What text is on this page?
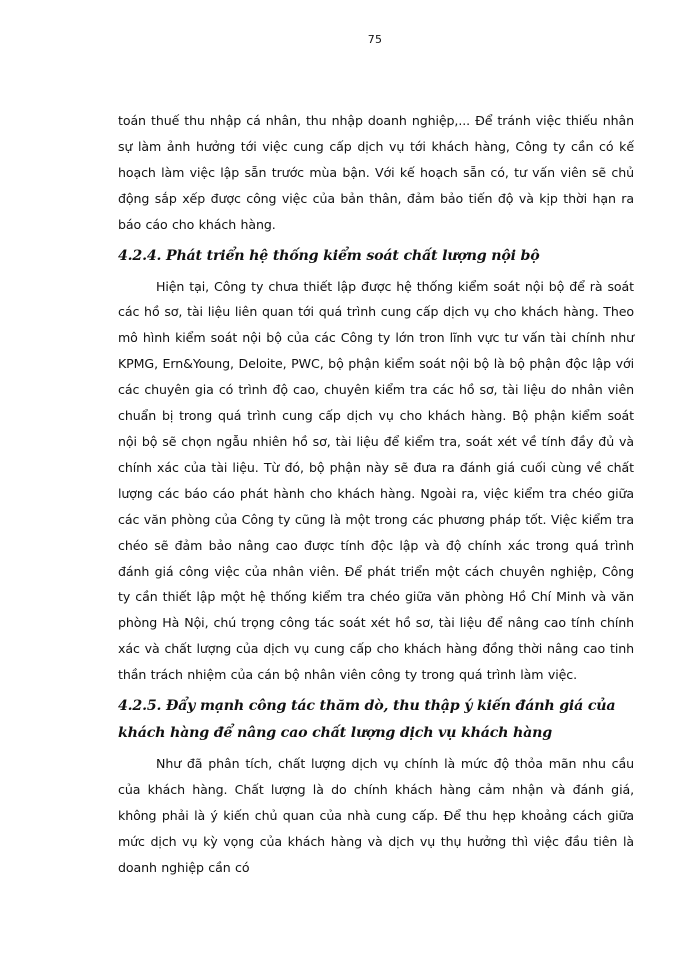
75

toán thuế thu nhập cá nhân, thu nhập doanh nghiệp,... Để tránh việc thiếu nhân sự làm ảnh hưởng tới việc cung cấp dịch vụ tới khách hàng, Công ty cần có kế hoạch làm việc lập sẵn trước mùa bận. Với kế hoạch sẵn có, tư vấn viên sẽ chủ động sắp xếp được công việc của bản thân, đảm bảo tiến độ và kịp thời hạn ra báo cáo cho khách hàng.

4.2.4. Phát triển hệ thống kiểm soát chất lượng nội bộ

Hiện tại, Công ty chưa thiết lập được hệ thống kiểm soát nội bộ để rà soát các hồ sơ, tài liệu liên quan tới quá trình cung cấp dịch vụ cho khách hàng. Theo mô hình kiểm soát nội bộ của các Công ty lớn tron lĩnh vực tư vấn tài chính như KPMG, Ern&Young, Deloite, PWC, bộ phận kiểm soát nội bộ là bộ phận độc lập với các chuyên gia có trình độ cao, chuyên kiểm tra các hồ sơ, tài liệu do nhân viên chuẩn bị trong quá trình cung cấp dịch vụ cho khách hàng. Bộ phận kiểm soát nội bộ sẽ chọn ngẫu nhiên hồ sơ, tài liệu để kiểm tra, soát xét về tính đầy đủ và chính xác của tài liệu. Từ đó, bộ phận này sẽ đưa ra đánh giá cuối cùng về chất lượng các báo cáo phát hành cho khách hàng. Ngoài ra, việc kiểm tra chéo giữa các văn phòng của Công ty cũng là một trong các phương pháp tốt. Việc kiểm tra chéo sẽ đảm bảo nâng cao được tính độc lập và độ chính xác trong quá trình đánh giá công việc của nhân viên. Để phát triển một cách chuyên nghiệp, Công ty cần thiết lập một hệ thống kiểm tra chéo giữa văn phòng Hồ Chí Minh và văn phòng Hà Nội, chú trọng công tác soát xét hồ sơ, tài liệu để nâng cao tính chính xác và chất lượng của dịch vụ cung cấp cho khách hàng đồng thời nâng cao tinh thần trách nhiệm của cán bộ nhân viên công ty trong quá trình làm việc.

4.2.5. Đẩy mạnh công tác thăm dò, thu thập ý kiến đánh giá của khách hàng để nâng cao chất lượng dịch vụ khách hàng

Như đã phân tích, chất lượng dịch vụ chính là mức độ thỏa mãn nhu cầu của khách hàng. Chất lượng là do chính khách hàng cảm nhận và đánh giá, không phải là ý kiến chủ quan của nhà cung cấp. Để thu hẹp khoảng cách giữa mức dịch vụ kỳ vọng của khách hàng và dịch vụ thụ hưởng thì việc đầu tiên là doanh nghiệp cần có
